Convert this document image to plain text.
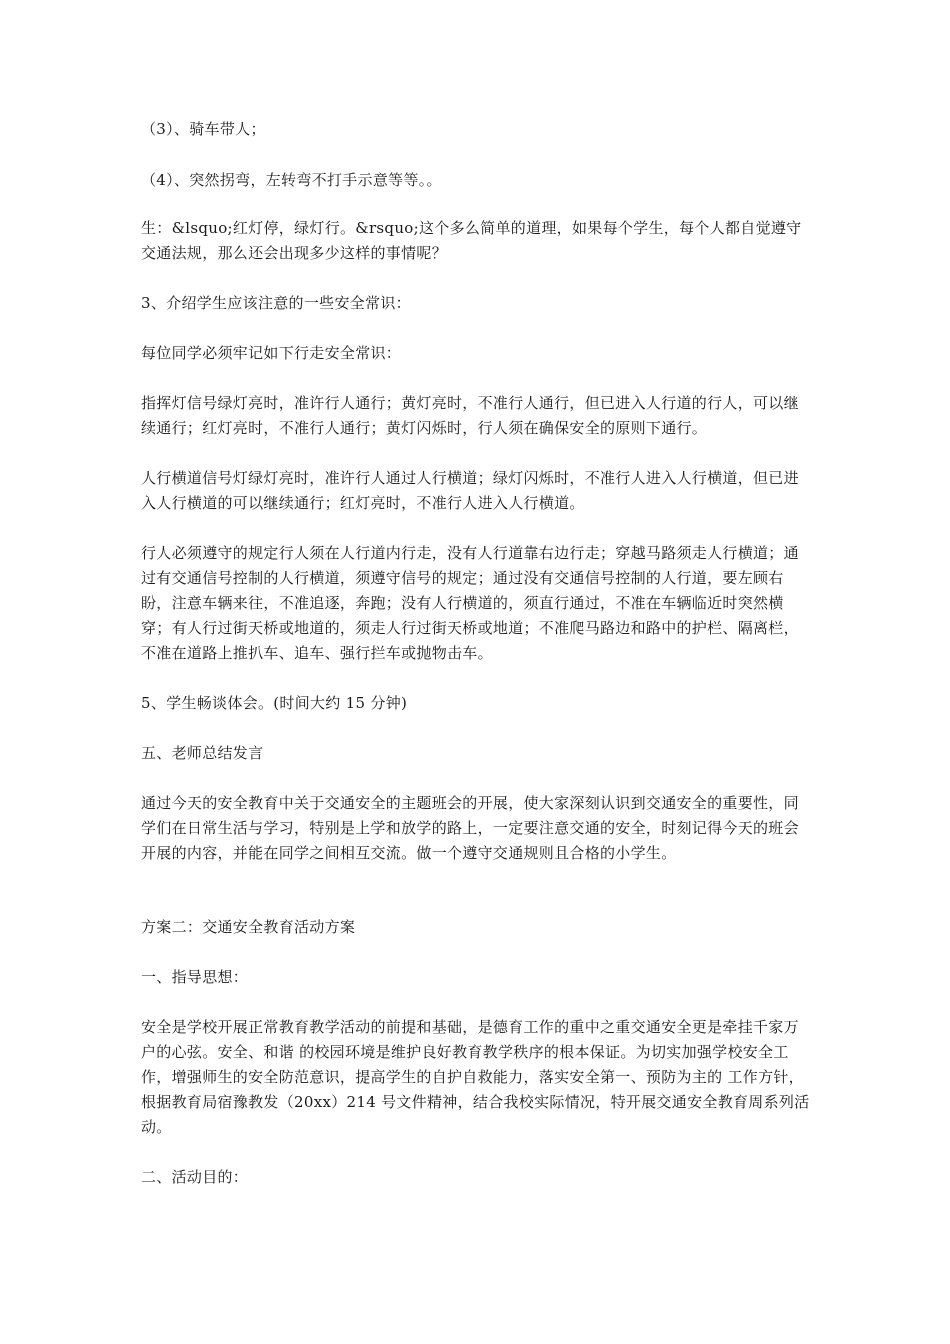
（3）、骑车带人；

（4）、突然拐弯，左转弯不打手示意等等。。

生：&lsquo;红灯停，绿灯行。&rsquo;这个多么简单的道理，如果每个学生，每个人都自觉遵守交通法规，那么还会出现多少这样的事情呢？

3、介绍学生应该注意的一些安全常识：

每位同学必须牢记如下行走安全常识：

指挥灯信号绿灯亮时，准许行人通行；黄灯亮时，不准行人通行，但已进入人行道的行人，可以继续通行；红灯亮时，不准行人通行；黄灯闪烁时，行人须在确保安全的原则下通行。

人行横道信号灯绿灯亮时，准许行人通过人行横道；绿灯闪烁时，不准行人进入人行横道，但已进入人行横道的可以继续通行；红灯亮时，不准行人进入人行横道。

行人必须遵守的规定行人须在人行道内行走，没有人行道靠右边行走；穿越马路须走人行横道；通过有交通信号控制的人行横道，须遵守信号的规定；通过没有交通信号控制的人行道，要左顾右盼，注意车辆来往，不准追逐，奔跑；没有人行横道的，须直行通过，不准在车辆临近时突然横穿；有人行过街天桥或地道的，须走人行过街天桥或地道；不准爬马路边和路中的护栏、隔离栏，不准在道路上推扒车、追车、强行拦车或抛物击车。

5、学生畅谈体会。(时间大约 15 分钟)

五、老师总结发言

通过今天的安全教育中关于交通安全的主题班会的开展，使大家深刻认识到交通安全的重要性，同学们在日常生活与学习，特别是上学和放学的路上，一定要注意交通的安全，时刻记得今天的班会开展的内容，并能在同学之间相互交流。做一个遵守交通规则且合格的小学生。

方案二：交通安全教育活动方案

一、指导思想：

安全是学校开展正常教育教学活动的前提和基础，是德育工作的重中之重交通安全更是牵挂千家万户的心弦。安全、和谐 的校园环境是维护良好教育教学秩序的根本保证。为切实加强学校安全工作，增强师生的安全防范意识，提高学生的自护自救能力，落实安全第一、预防为主的 工作方针，根据教育局宿豫教发（20xx）214 号文件精神，结合我校实际情况，特开展交通安全教育周系列活动。

二、活动目的：
